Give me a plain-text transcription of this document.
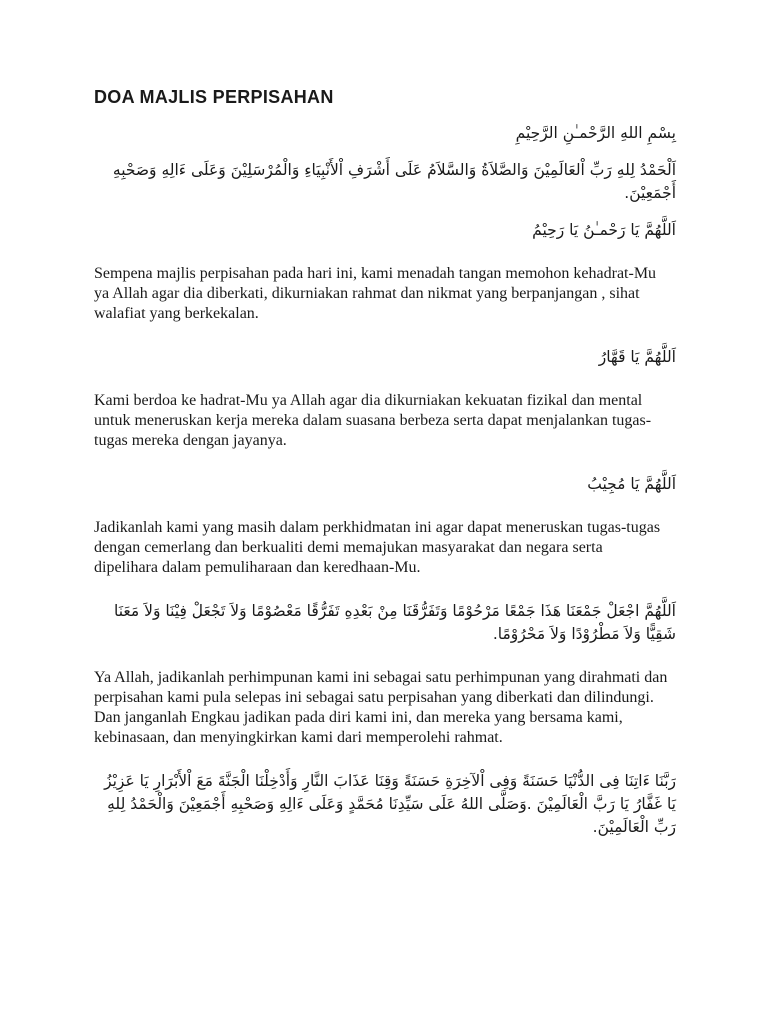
DOA MAJLIS PERPISAHAN

بِسْمِ اللهِ الرَّحْمـٰنِ الرَّحِيْمِ

اَلْحَمْدُ لِلهِ رَبِّ اْلعَالَمِيْنَ وَالصَّلاَةُ وَالسَّلاَمُ عَلَى أَشْرَفِ اْلأَنْبِيَاءِ وَالْمُرْسَلِيْنَ وَعَلَى ءَالِهِ وَصَحْبِهِ أَجْمَعِيْنَ.

اَللَّهُمَّ يَا رَحْمـٰنُ يَا رَحِيْمُ

Sempena majlis perpisahan pada hari ini, kami menadah tangan memohon kehadrat-Mu ya Allah agar dia diberkati, dikurniakan rahmat dan nikmat yang berpanjangan , sihat walafiat yang berkekalan.

اَللَّهُمَّ يَا قَهَّارُ

Kami berdoa ke hadrat-Mu ya Allah agar dia dikurniakan kekuatan fizikal dan mental untuk meneruskan kerja mereka dalam suasana berbeza serta dapat menjalankan tugas-tugas mereka dengan jayanya.

اَللَّهُمَّ يَا مُجِيْبُ

Jadikanlah kami yang masih dalam perkhidmatan ini agar dapat meneruskan tugas-tugas dengan cemerlang dan berkualiti demi memajukan masyarakat dan negara serta dipelihara dalam pemuliharaan dan keredhaan-Mu.

اَللَّهُمَّ اجْعَلْ جَمْعَنَا هَذَا جَمْعًا مَرْحُوْمًا وَتَفَرُّقَنَا مِنْ بَعْدِهِ تَفَرُّقًا مَعْصُوْمًا وَلاَ تَجْعَلْ فِيْنَا وَلاَ مَعَنَا شَقِيًّا وَلاَ مَطْرُوْدًا وَلاَ مَحْرُوْمًا.

Ya Allah, jadikanlah perhimpunan kami ini sebagai satu perhimpunan yang dirahmati dan perpisahan kami pula selepas ini sebagai satu perpisahan yang diberkati dan dilindungi. Dan janganlah Engkau jadikan pada diri kami ini, dan mereka yang bersama kami, kebinasaan, dan menyingkirkan kami dari memperolehi rahmat.

رَبَّنَا ءَاتِنَا فِى الدُّنْيَا حَسَنَةً وَفِى اْلآخِرَةِ حَسَنَةً وَقِنَا عَذَابَ النَّارِ وَأَدْخِلْنَا الْجَنَّةَ مَعَ اْلأَبْرَارِ يَا عَزِيْزُ يَا غَفَّارُ يَا رَبَّ الْعَالَمِيْنَ .وَصَلَّى اللهُ عَلَى سَيِّدِنَا مُحَمَّدٍ وَعَلَى ءَالِهِ وَصَحْبِهِ أَجْمَعِيْنَ وَالْحَمْدُ لِلهِ رَبِّ الْعَالَمِيْنَ.
